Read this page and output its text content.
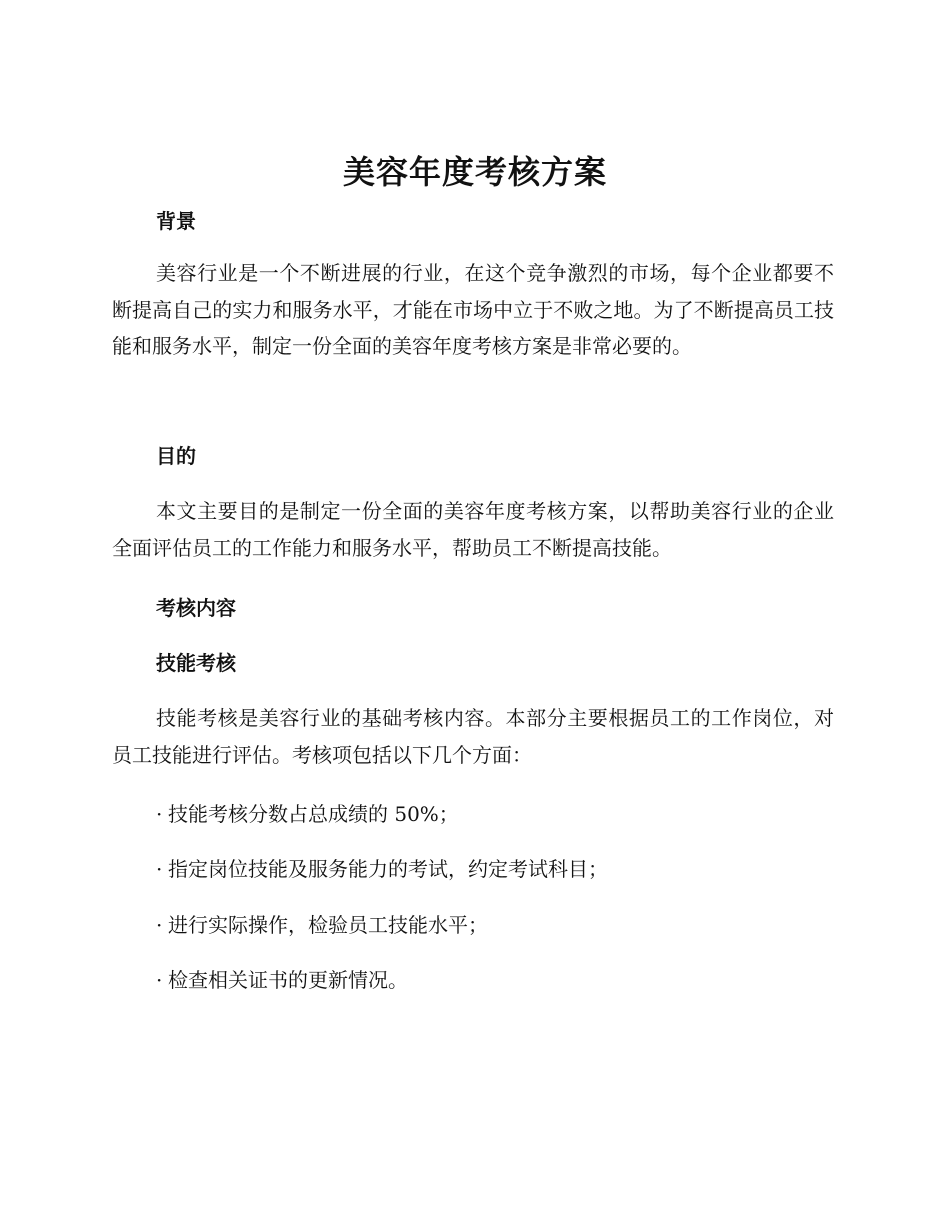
美容年度考核方案
背景

美容行业是一个不断进展的行业，在这个竞争激烈的市场，每个企业都要不断提高自己的实力和服务水平，才能在市场中立于不败之地。为了不断提高员工技能和服务水平，制定一份全面的美容年度考核方案是非常必要的。

目的

本文主要目的是制定一份全面的美容年度考核方案，以帮助美容行业的企业全面评估员工的工作能力和服务水平，帮助员工不断提高技能。

考核内容
技能考核

技能考核是美容行业的基础考核内容。本部分主要根据员工的工作岗位，对员工技能进行评估。考核项包括以下几个方面：

· 技能考核分数占总成绩的 50%；

· 指定岗位技能及服务能力的考试，约定考试科目；

· 进行实际操作，检验员工技能水平；

· 检查相关证书的更新情况。
